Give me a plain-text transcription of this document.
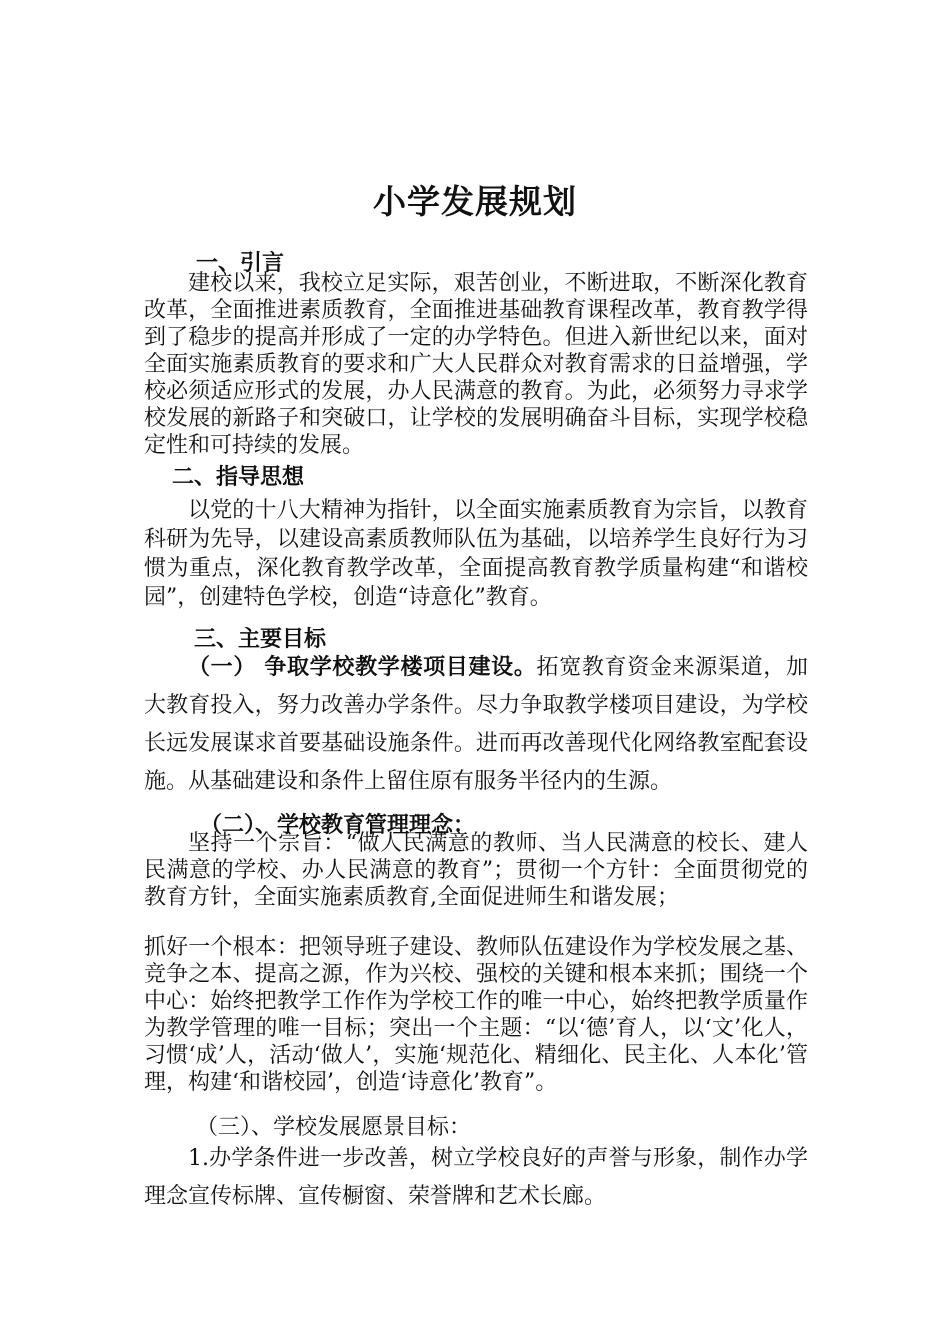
小学发展规划
一、引言
建校以来，我校立足实际，艰苦创业，不断进取，不断深化教育改革，全面推进素质教育，全面推进基础教育课程改革，教育教学得到了稳步的提高并形成了一定的办学特色。但进入新世纪以来，面对全面实施素质教育的要求和广大人民群众对教育需求的日益增强，学校必须适应形式的发展，办人民满意的教育。为此，必须努力寻求学校发展的新路子和突破口，让学校的发展明确奋斗目标，实现学校稳定性和可持续的发展。
二、指导思想
以党的十八大精神为指针，以全面实施素质教育为宗旨，以教育科研为先导，以建设高素质教师队伍为基础，以培养学生良好行为习惯为重点，深化教育教学改革，全面提高教育教学质量构建“和谐校园”，创建特色学校，创造“诗意化”教育。
三、主要目标
（一） 争取学校教学楼项目建设。拓宽教育资金来源渠道，加大教育投入，努力改善办学条件。尽力争取教学楼项目建设，为学校长远发展谋求首要基础设施条件。进而再改善现代化网络教室配套设施。从基础建设和条件上留住原有服务半径内的生源。
（二）、学校教育管理理念：
坚持一个宗旨：“做人民满意的教师、当人民满意的校长、建人民满意的学校、办人民满意的教育”；贯彻一个方针：全面贯彻党的教育方针，全面实施素质教育,全面促进师生和谐发展；
抓好一个根本：把领导班子建设、教师队伍建设作为学校发展之基、竞争之本、提高之源，作为兴校、强校的关键和根本来抓；围绕一个中心：始终把教学工作作为学校工作的唯一中心，始终把教学质量作为教学管理的唯一目标；突出一个主题：“以‘德’育人，以‘文’化人，习惯‘成’人，活动‘做人’，实施‘规范化、精细化、民主化、人本化’管理，构建‘和谐校园’，创造‘诗意化’教育”。
（三）、学校发展愿景目标：
1.办学条件进一步改善，树立学校良好的声誉与形象，制作办学理念宣传标牌、宣传橱窗、荣誉牌和艺术长廊。
